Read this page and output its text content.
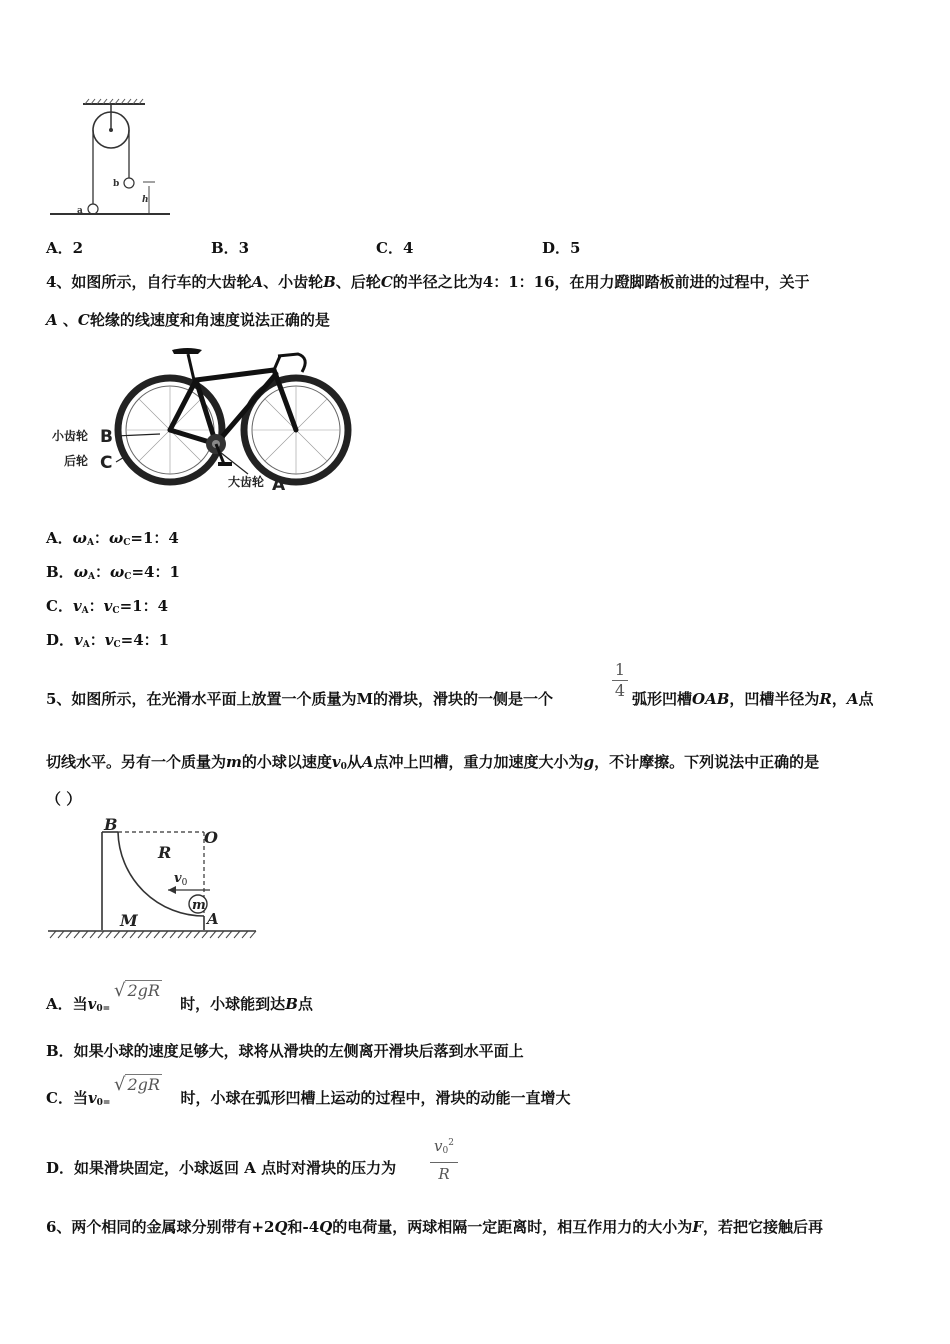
b
a
h
A．2	B．3	C．4	D．5
4、如图所示，自行车的大齿轮A、小齿轮B、后轮C的半径之比为4：1：16，在用力蹬脚踏板前进的过程中，关于
A 、C轮缘的线速度和角速度说法正确的是
小齿轮 B
后轮 C
大齿轮 A
A．$\omega_A$：$\omega_C=1$：4
B．$\omega_A$：$\omega_C=4$：1
C．$v_A$：$v_C=1$：4
D．$v_A$：$v_C=4$：1
5、如图所示，在光滑水平面上放置一个质量为M的滑块，滑块的一侧是一个
1
4 弧形凹槽OAB，凹槽半径为R，A点
切线水平。另有一个质量为m的小球以速度$v_0$从A点冲上凹槽，重力加速度大小为g，不计摩擦。下列说法中正确的是
（ ）
m
$v_0$
B
O
R
A
M
A．当$v_{0=}$	时，小球能到达B点
√ 2gR
B．如果小球的速度足够大，球将从滑块的左侧离开滑块后落到水平面上
C．当$v_{0=}$	时，小球在弧形凹槽上运动的过程中，滑块的动能一直增大
√ 2gR
D．如果滑块固定，小球返回 A 点时对滑块的压力为
$v_0^2$
R
6、两个相同的金属球分别带有+2Q和-4Q的电荷量，两球相隔一定距离时，相互作用力的大小为F，若把它接触后再
